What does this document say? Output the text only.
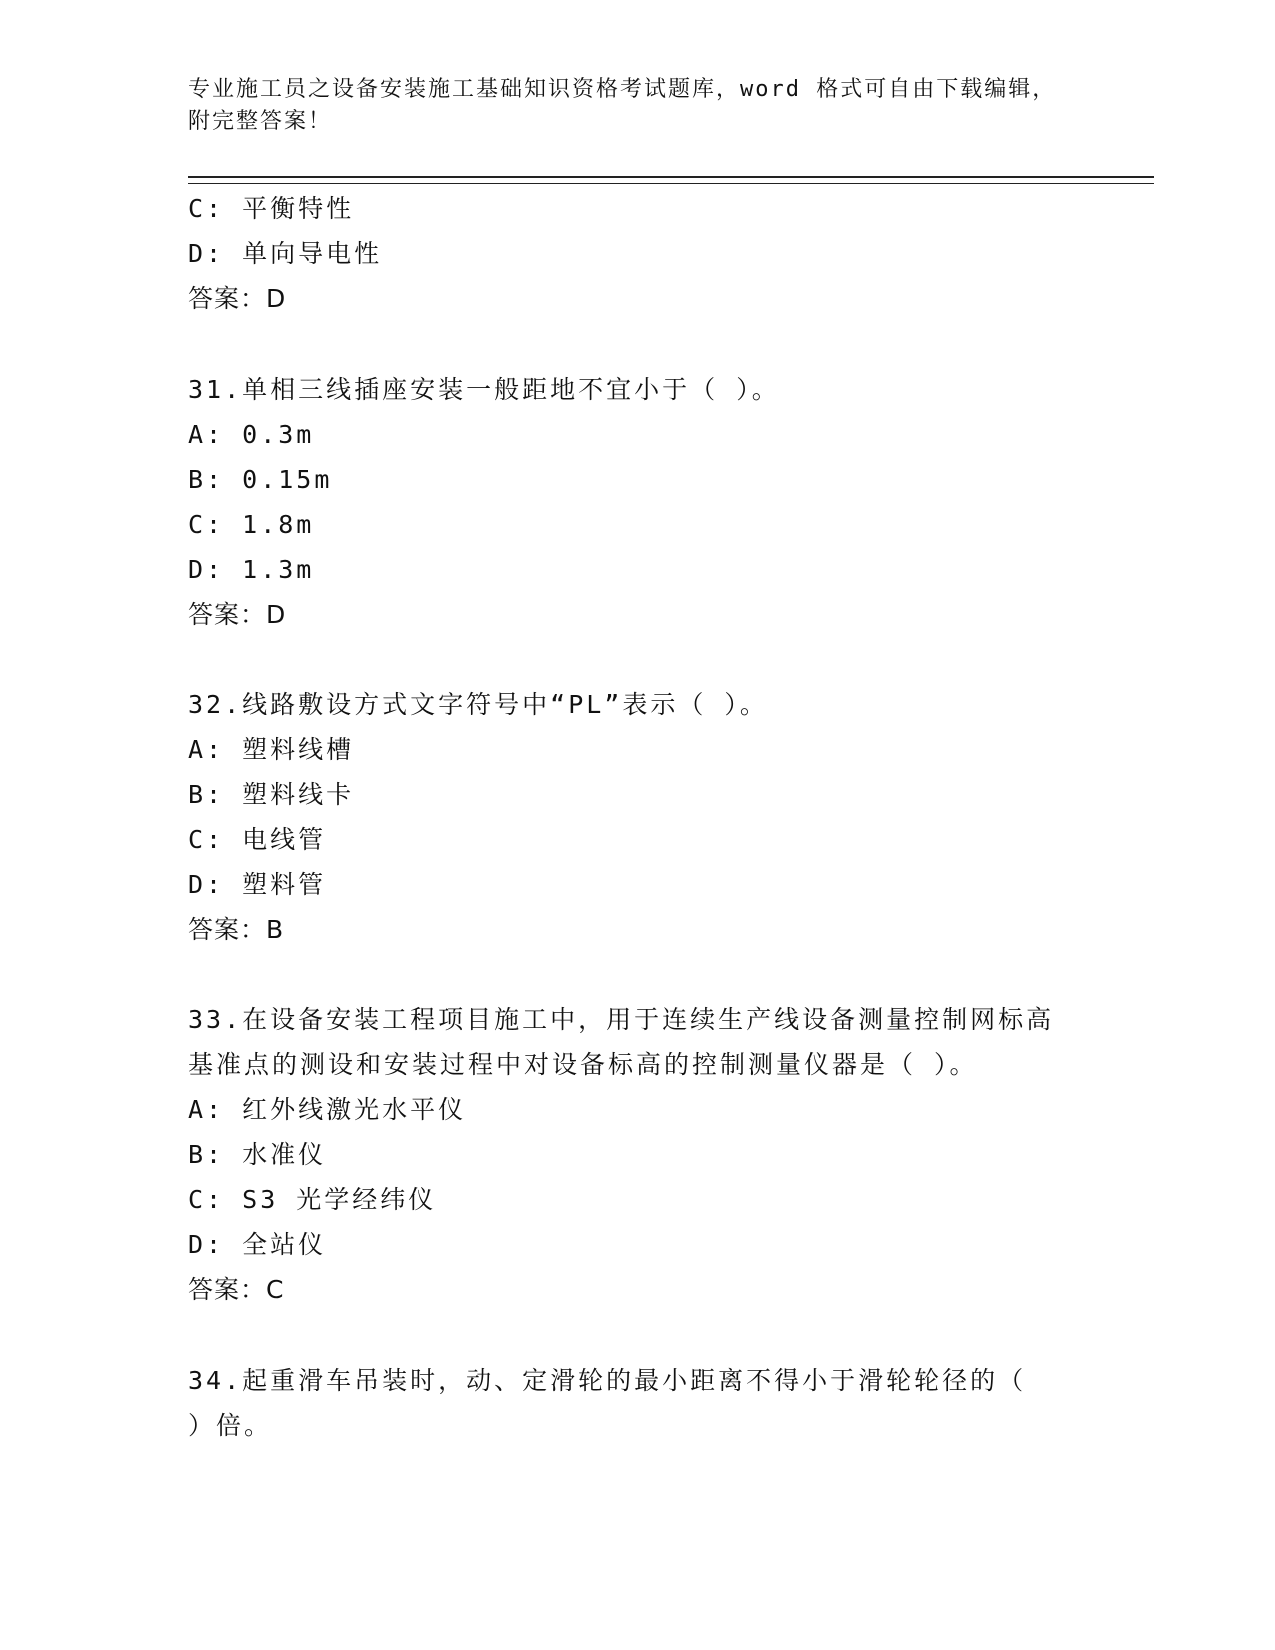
专业施工员之设备安装施工基础知识资格考试题库，word 格式可自由下载编辑，
附完整答案！
C: 平衡特性
D: 单向导电性
答案：D
31.单相三线插座安装一般距地不宜小于（ ）。
A: 0.3m
B: 0.15m
C: 1.8m
D: 1.3m
答案：D
32.线路敷设方式文字符号中“PL”表示（ ）。
A: 塑料线槽
B: 塑料线卡
C: 电线管
D: 塑料管
答案：B
33.在设备安装工程项目施工中，用于连续生产线设备测量控制网标高
基准点的测设和安装过程中对设备标高的控制测量仪器是（ ）。
A: 红外线激光水平仪
B: 水准仪
C: S3 光学经纬仪
D: 全站仪
答案：C
34.起重滑车吊装时，动、定滑轮的最小距离不得小于滑轮轮径的（
）倍。
